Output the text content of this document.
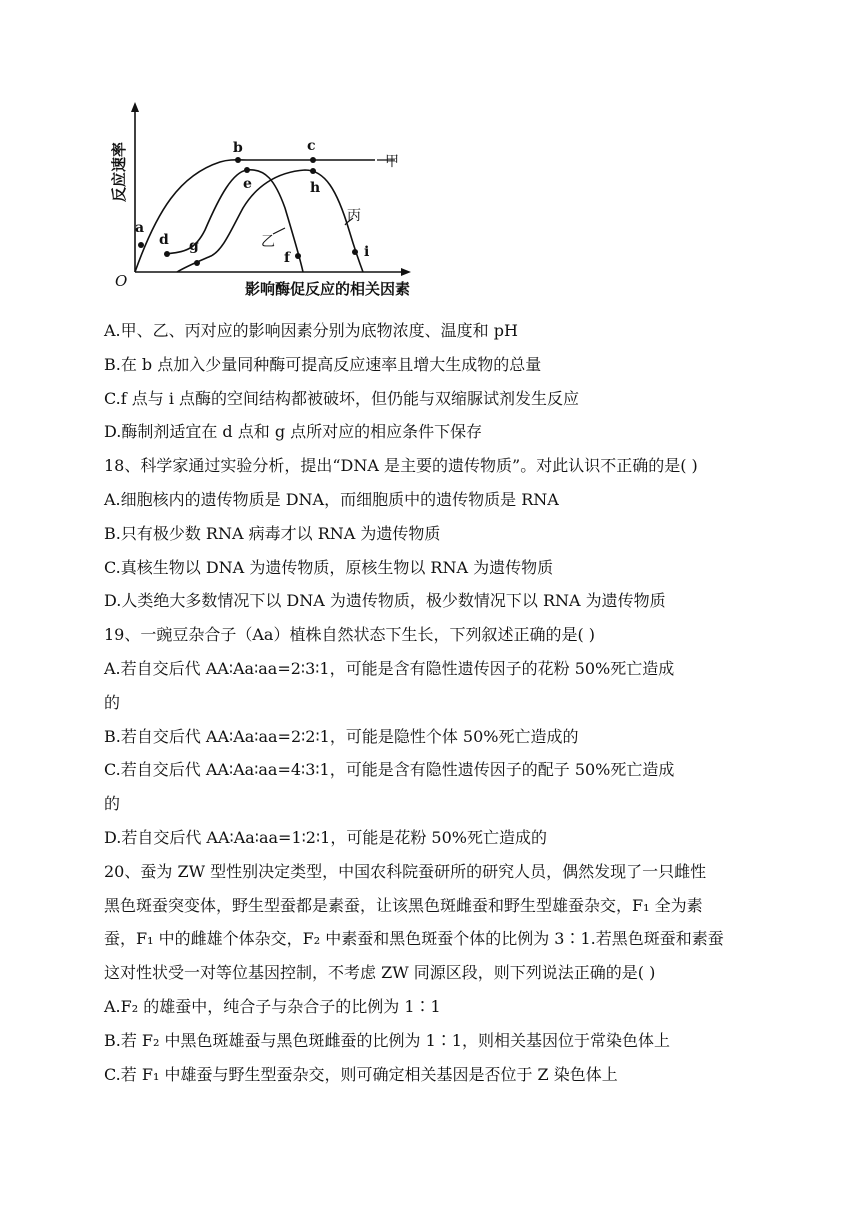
a
b	c
d
e
f
g
h
i
甲
乙
丙
O
反应速率
影响酶促反应的相关因素
A.甲、乙、丙对应的影响因素分别为底物浓度、温度和 pH
B.在 b 点加入少量同种酶可提高反应速率且增大生成物的总量
C.f 点与 i 点酶的空间结构都被破坏，但仍能与双缩脲试剂发生反应
D.酶制剂适宜在 d 点和 g 点所对应的相应条件下保存
18、科学家通过实验分析，提出“DNA 是主要的遗传物质”。对此认识不正确的是( )
A.细胞核内的遗传物质是 DNA，而细胞质中的遗传物质是 RNA
B.只有极少数 RNA 病毒才以 RNA 为遗传物质
C.真核生物以 DNA 为遗传物质，原核生物以 RNA 为遗传物质
D.人类绝大多数情况下以 DNA 为遗传物质，极少数情况下以 RNA 为遗传物质
19、一豌豆杂合子（Aa）植株自然状态下生长，下列叙述正确的是( )
A.若自交后代 AA∶Aa∶aa=2∶3∶1，可能是含有隐性遗传因子的花粉 50%死亡造成
的
B.若自交后代 AA∶Aa∶aa=2∶2∶1，可能是隐性个体 50%死亡造成的
C.若自交后代 AA∶Aa∶aa=4∶3∶1，可能是含有隐性遗传因子的配子 50%死亡造成
的
D.若自交后代 AA∶Aa∶aa=1∶2∶1，可能是花粉 50%死亡造成的
20、蚕为 ZW 型性别决定类型，中国农科院蚕研所的研究人员，偶然发现了一只雌性
黑色斑蚕突变体，野生型蚕都是素蚕，让该黑色斑雌蚕和野生型雄蚕杂交，F₁ 全为素
蚕，F₁ 中的雌雄个体杂交，F₂ 中素蚕和黑色斑蚕个体的比例为 3∶1.若黑色斑蚕和素蚕
这对性状受一对等位基因控制，不考虑 ZW 同源区段，则下列说法正确的是( )
A.F₂ 的雄蚕中，纯合子与杂合子的比例为 1∶1
B.若 F₂ 中黑色斑雄蚕与黑色斑雌蚕的比例为 1∶1，则相关基因位于常染色体上
C.若 F₁ 中雄蚕与野生型蚕杂交，则可确定相关基因是否位于 Z 染色体上
